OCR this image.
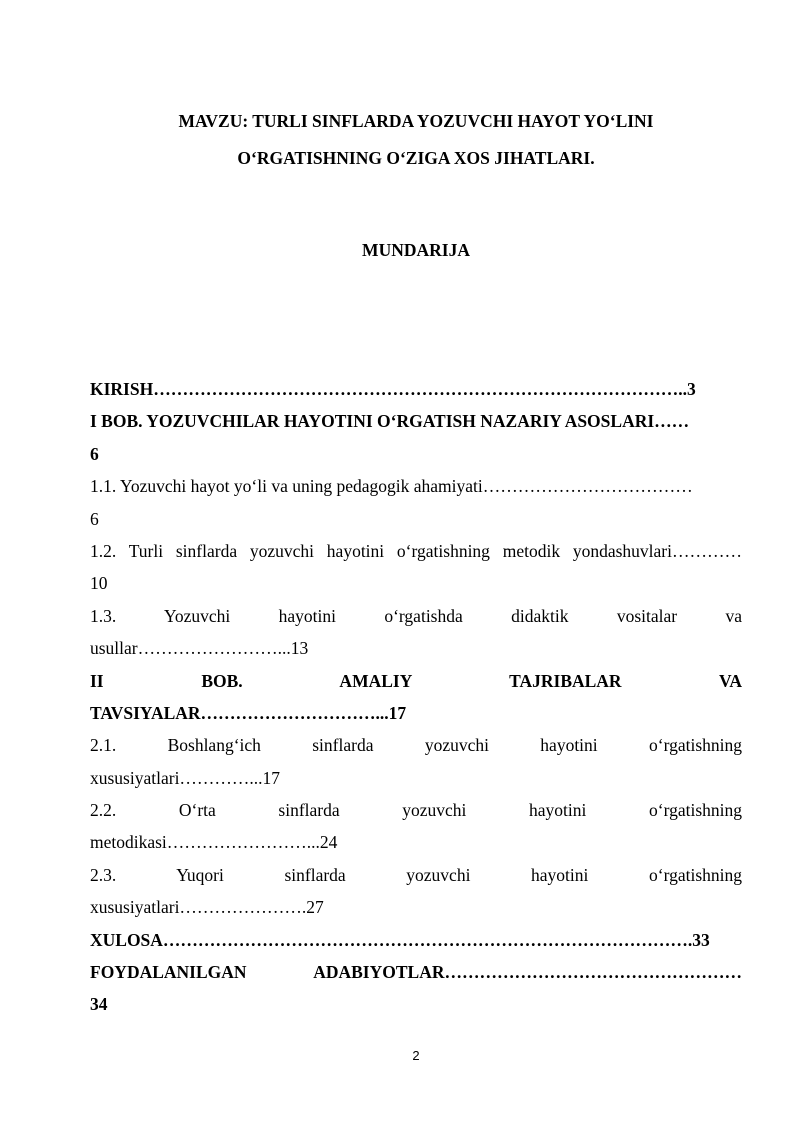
MAVZU: TURLI SINFLARDA YOZUVCHI HAYOT YO‘LINI
O‘RGATISHNING O‘ZIGA XOS JIHATLARI.
MUNDARIJA
KIRISH………………………………………………………………………………..3
I BOB. YOZUVCHILAR HAYOTINI O‘RGATISH NAZARIY ASOSLARI……
6
1.1. Yozuvchi hayot yo‘li va uning pedagogik ahamiyati………………………………
6
1.2. Turli sinflarda yozuvchi hayotini o‘rgatishning metodik yondashuvlari…………
10
1.3. Yozuvchi hayotini o‘rgatishda didaktik vositalar va
usullar……………………...13
II BOB. AMALIY TAJRIBALAR VA
TAVSIYALAR…………………………...17
2.1. Boshlang‘ich sinflarda yozuvchi hayotini o‘rgatishning
xususiyatlari…………...17
2.2. O‘rta sinflarda yozuvchi hayotini o‘rgatishning
metodikasi……………………...24
2.3. Yuqori sinflarda yozuvchi hayotini o‘rgatishning
xususiyatlari………………….27
XULOSA……………………………………………………………………………….33
FOYDALANILGAN ADABIYOTLAR……………………………………………
34
2
